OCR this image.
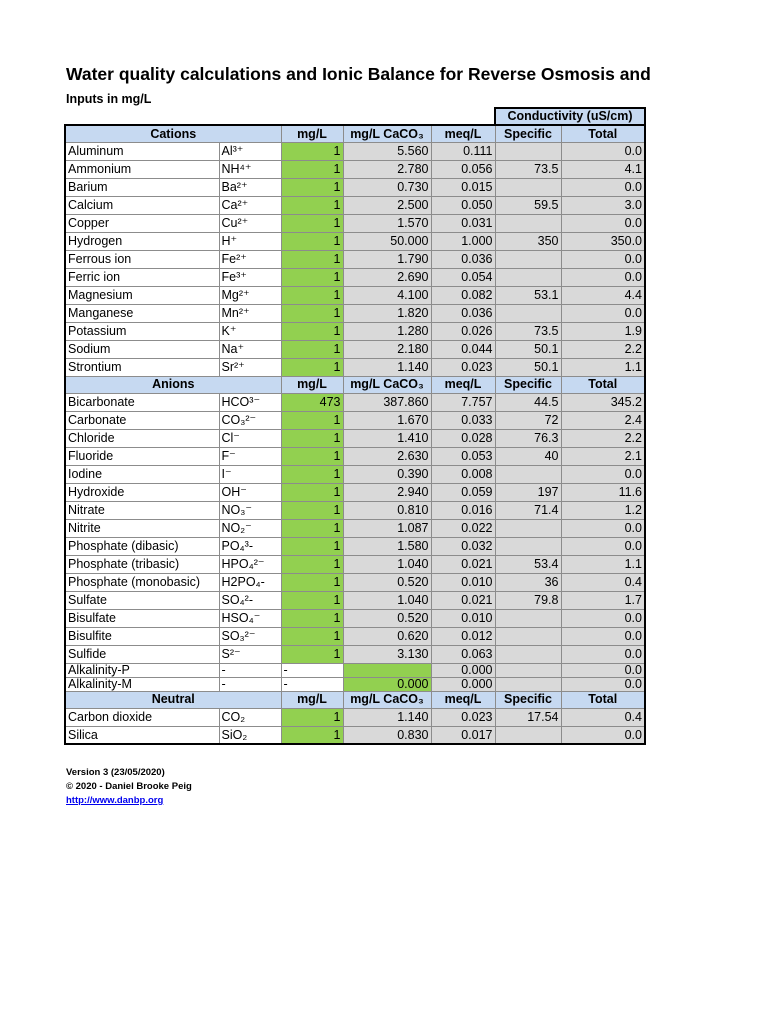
Water quality calculations and Ionic Balance for Reverse Osmosis and
Inputs in mg/L
					Conductivity (uS/cm)	
Cations		mg/L	mg/L CaCO₃	meq/L	Specific	Total
Aluminum	Al³⁺	1	5.560	0.111		0.0
Ammonium	NH⁴⁺	1	2.780	0.056	73.5	4.1
Barium	Ba²⁺	1	0.730	0.015		0.0
Calcium	Ca²⁺	1	2.500	0.050	59.5	3.0
Copper	Cu²⁺	1	1.570	0.031		0.0
Hydrogen	H⁺	1	50.000	1.000	350	350.0
Ferrous ion	Fe²⁺	1	1.790	0.036		0.0
Ferric ion	Fe³⁺	1	2.690	0.054		0.0
Magnesium	Mg²⁺	1	4.100	0.082	53.1	4.4
Manganese	Mn²⁺	1	1.820	0.036		0.0
Potassium	K⁺	1	1.280	0.026	73.5	1.9
Sodium	Na⁺	1	2.180	0.044	50.1	2.2
Strontium	Sr²⁺	1	1.140	0.023	50.1	1.1
Anions		mg/L	mg/L CaCO₃	meq/L	Specific	Total
Bicarbonate	HCO³⁻	473	387.860	7.757	44.5	345.2
Carbonate	CO₃²⁻	1	1.670	0.033	72	2.4
Chloride	Cl⁻	1	1.410	0.028	76.3	2.2
Fluoride	F⁻	1	2.630	0.053	40	2.1
Iodine	I⁻	1	0.390	0.008		0.0
Hydroxide	OH⁻	1	2.940	0.059	197	11.6
Nitrate	NO₃⁻	1	0.810	0.016	71.4	1.2
Nitrite	NO₂⁻	1	1.087	0.022		0.0
Phosphate (dibasic)	PO₄³-	1	1.580	0.032		0.0
Phosphate (tribasic)	HPO₄²⁻	1	1.040	0.021	53.4	1.1
Phosphate (monobasic)	H2PO₄-	1	0.520	0.010	36	0.4
Sulfate	SO₄²-	1	1.040	0.021	79.8	1.7
Bisulfate	HSO₄⁻	1	0.520	0.010		0.0
Bisulfite	SO₃²⁻	1	0.620	0.012		0.0
Sulfide	S²⁻	1	3.130	0.063		0.0
Alkalinity-P	-	-		0.000		0.0
Alkalinity-M	-	-	0.000	0.000		0.0
Neutral		mg/L	mg/L CaCO₃	meq/L	Specific	Total
Carbon dioxide	CO₂	1	1.140	0.023	17.54	0.4
Silica	SiO₂	1	0.830	0.017		0.0
Version 3 (23/05/2020)
© 2020 - Daniel Brooke Peig
http://www.danbp.org
